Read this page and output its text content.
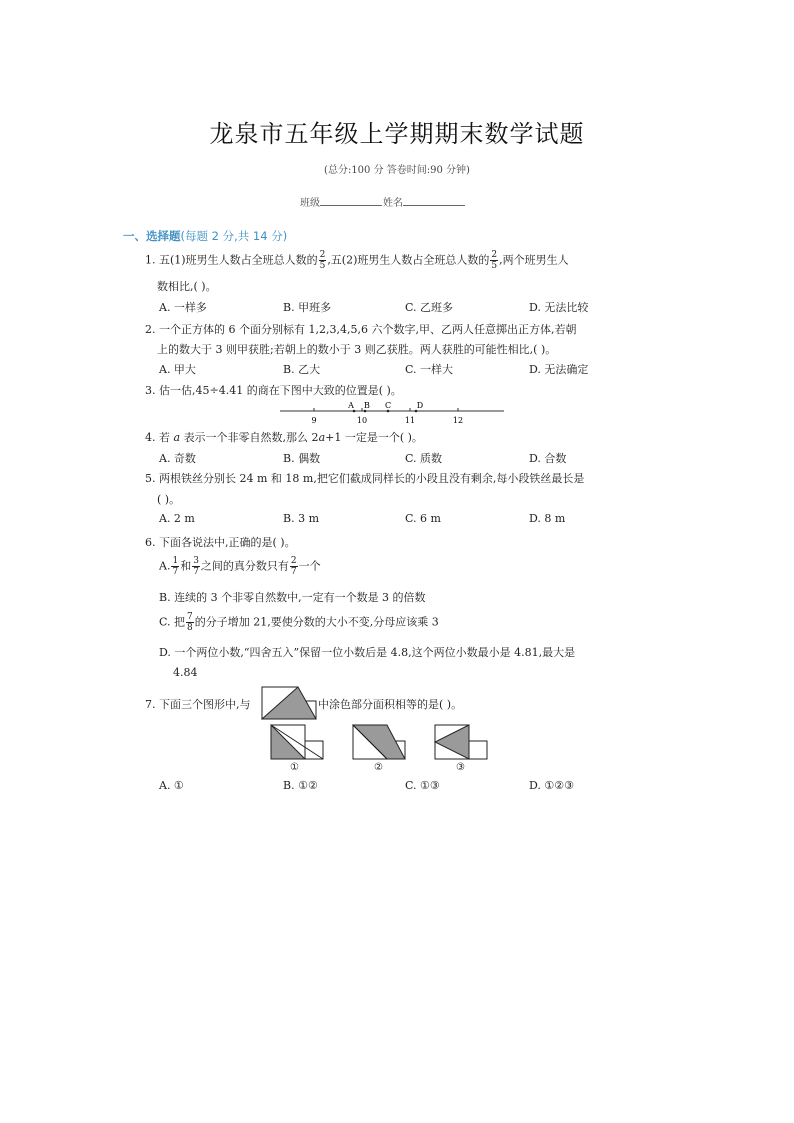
龙泉市五年级上学期期末数学试题
(总分:100 分 答卷时间:90 分钟)
班级	姓名
一、选择题(每题 2 分,共 14 分)
1. 五(1)班男生人数占全班总人数的 $\frac{2}{5}$ ,五(2)班男生人数占全班总人数的 $\frac{2}{5}$ ,两个班男生人
数相比,( )。
A. 一样多	B. 甲班多	C. 乙班多	D. 无法比较
2. 一个正方体的 6 个面分别标有 1,2,3,4,5,6 六个数字,甲、乙两人任意掷出正方体,若朝
上的数大于 3 则甲获胜;若朝上的数小于 3 则乙获胜。两人获胜的可能性相比,( )。
A. 甲大	B. 乙大	C. 一样大	D. 无法确定
3. 估一估,45÷4.41 的商在下图中大致的位置是( )。
9	10	11	12
A B C	D
4. 若 a 表示一个非零自然数,那么 2a+1 一定是一个( )。
A. 奇数	B. 偶数	C. 质数	D. 合数
5. 两根铁丝分别长 24 m 和 18 m,把它们截成同样长的小段且没有剩余,每小段铁丝最长是
( )。
A. 2 m	B. 3 m	C. 6 m	D. 8 m
6. 下面各说法中,正确的是( )。
A. $\frac{1}{7}$ 和 $\frac{3}{7}$ 之间的真分数只有 $\frac{2}{7}$ 一个
B. 连续的 3 个非零自然数中,一定有一个数是 3 的倍数
C. 把 $\frac{7}{8}$ 的分子增加 21,要使分数的大小不变,分母应该乘 3
D. 一个两位小数,“四舍五入”保留一位小数后是 4.8,这个两位小数最小是 4.81,最大是
4.84
7. 下面三个图形中,与	中涂色部分面积相等的是( )。
①	②	③
A. ①	B. ①②	C. ①③	D. ①②③
